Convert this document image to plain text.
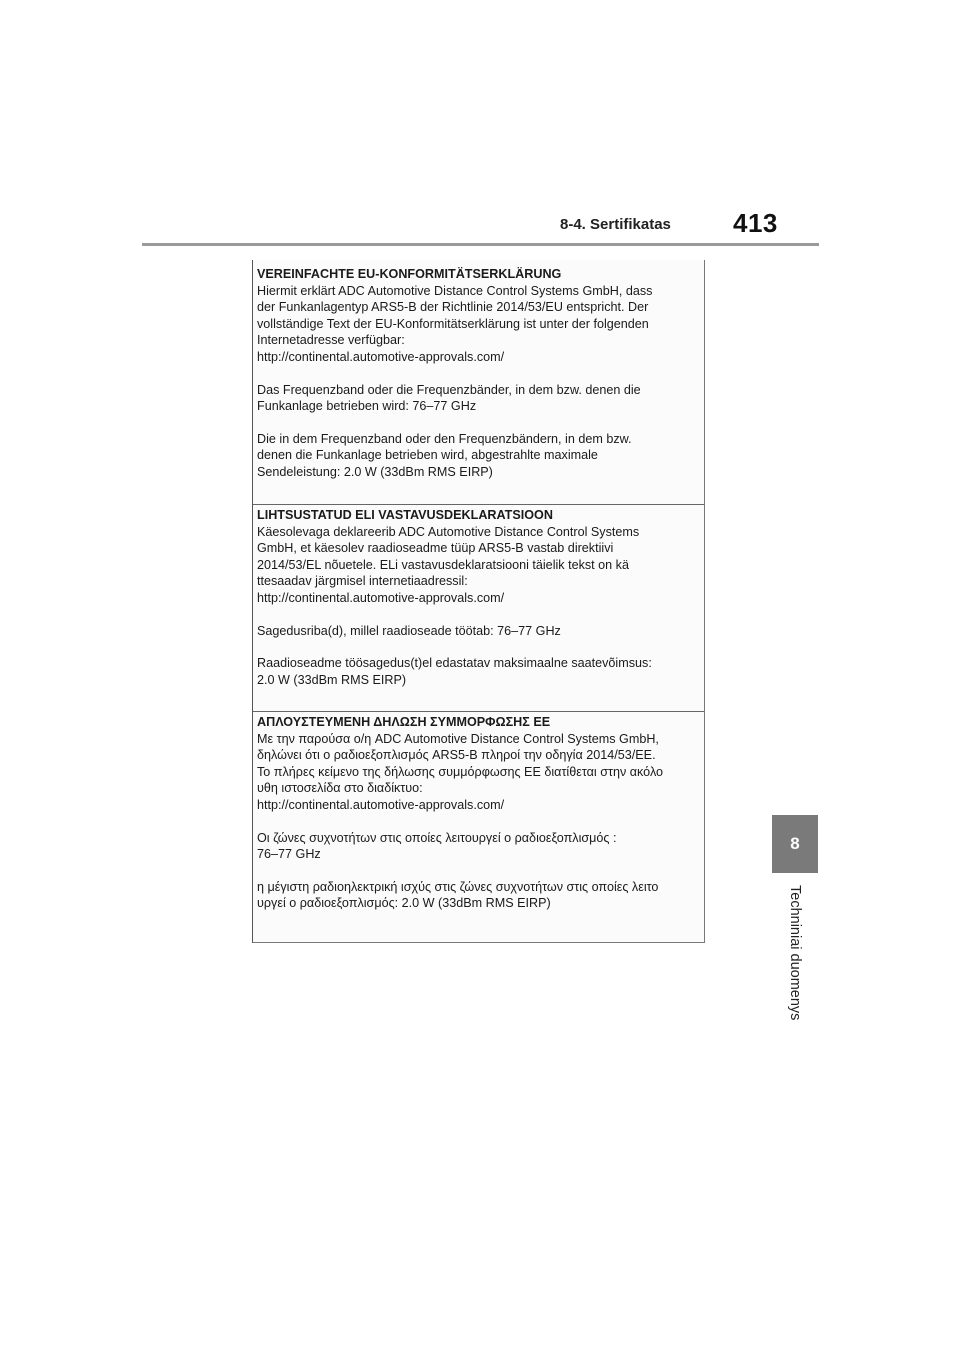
8-4. Sertifikatas 413
8
Techniniai duomenys

VEREINFACHTE EU-KONFORMITÄTSERKLÄRUNG

Hiermit erklärt ADC Automotive Distance Control Systems GmbH, dass

der Funkanlagentyp ARS5-B der Richtlinie 2014/53/EU entspricht. Der

vollständige Text der EU-Konformitätserklärung ist unter der folgenden

Internetadresse verfügbar:

http://continental.automotive-approvals.com/

Das Frequenzband oder die Frequenzbänder, in dem bzw. denen die

Funkanlage betrieben wird: 76–77 GHz

Die in dem Frequenzband oder den Frequenzbändern, in dem bzw.

denen die Funkanlage betrieben wird, abgestrahlte maximale

Sendeleistung: 2.0 W (33dBm RMS EIRP)

LIHTSUSTATUD ELI VASTAVUSDEKLARATSIOON

Käesolevaga deklareerib ADC Automotive Distance Control Systems

GmbH, et käesolev raadioseadme tüüp ARS5-B vastab direktiivi

2014/53/EL nõuetele. ELi vastavusdeklaratsiooni täielik tekst on kä

ttesaadav järgmisel internetiaadressil:

http://continental.automotive-approvals.com/

Sagedusriba(d), millel raadioseade töötab: 76–77 GHz

Raadioseadme töösagedus(t)el edastatav maksimaalne saatevõimsus:

2.0 W (33dBm RMS EIRP)

ΑΠΛΟΥΣΤΕΥΜΕΝΗ ΔΗΛΩΣΗ ΣΥΜΜΟΡΦΩΣΗΣ ΕΕ

Με την παρούσα ο/η ADC Automotive Distance Control Systems GmbH,

δηλώνει ότι ο ραδιοεξοπλισμός ARS5-B πληροί την οδηγία 2014/53/ΕΕ.

Το πλήρες κείμενο της δήλωσης συμμόρφωσης ΕΕ διατίθεται στην ακόλο

υθη ιστοσελίδα στο διαδίκτυο:

http://continental.automotive-approvals.com/

Οι ζώνες συχνοτήτων στις οποίες λειτουργεί ο ραδιοεξοπλισμός :

76–77 GHz

η μέγιστη ραδιοηλεκτρική ισχύς στις ζώνες συχνοτήτων στις οποίες λειτο

υργεί ο ραδιοεξοπλισμός: 2.0 W (33dBm RMS EIRP)
